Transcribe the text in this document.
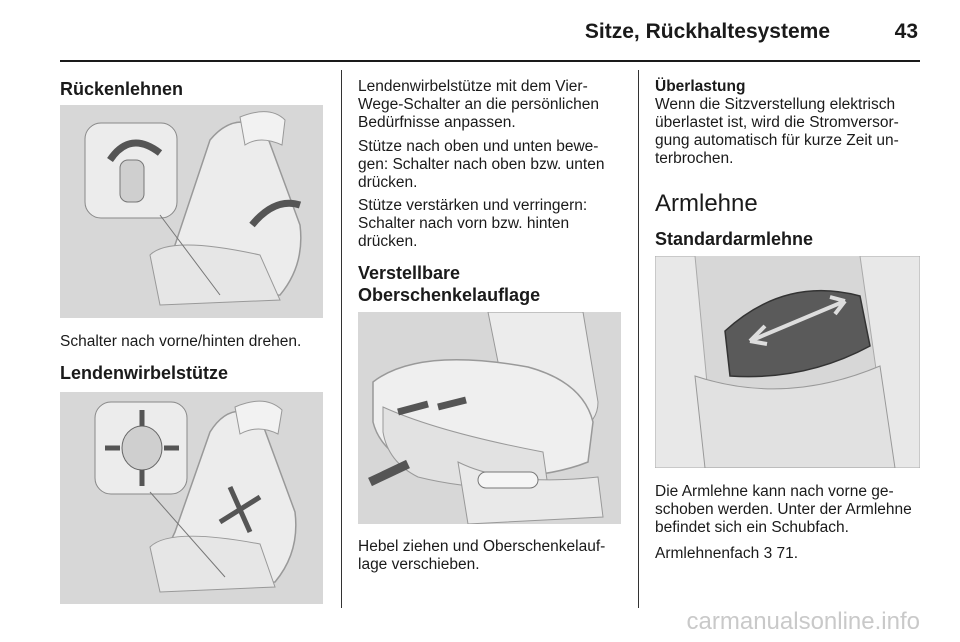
Sitze, Rückhaltesysteme	43
Rückenlehnen

Schalter nach vorne/hinten drehen.

Lendenwirbelstütze

Lendenwirbelstütze mit dem Vier-Wege-Schalter an die persönlichen Bedürfnisse anpassen.

Stütze nach oben und unten bewe-gen: Schalter nach oben bzw. unten drücken.

Stütze verstärken und verringern: Schalter nach vorn bzw. hinten drücken.

Verstellbare
Oberschenkelauflage

Hebel ziehen und Oberschenkelauf-lage verschieben.

Überlastung

Wenn die Sitzverstellung elektrisch überlastet ist, wird die Stromversor-gung automatisch für kurze Zeit un-terbrochen.

Armlehne
Standardarmlehne

Die Armlehne kann nach vorne ge-schoben werden. Unter der Armlehne befindet sich ein Schubfach.

Armlehnenfach 3 71.

carmanualsonline.info
